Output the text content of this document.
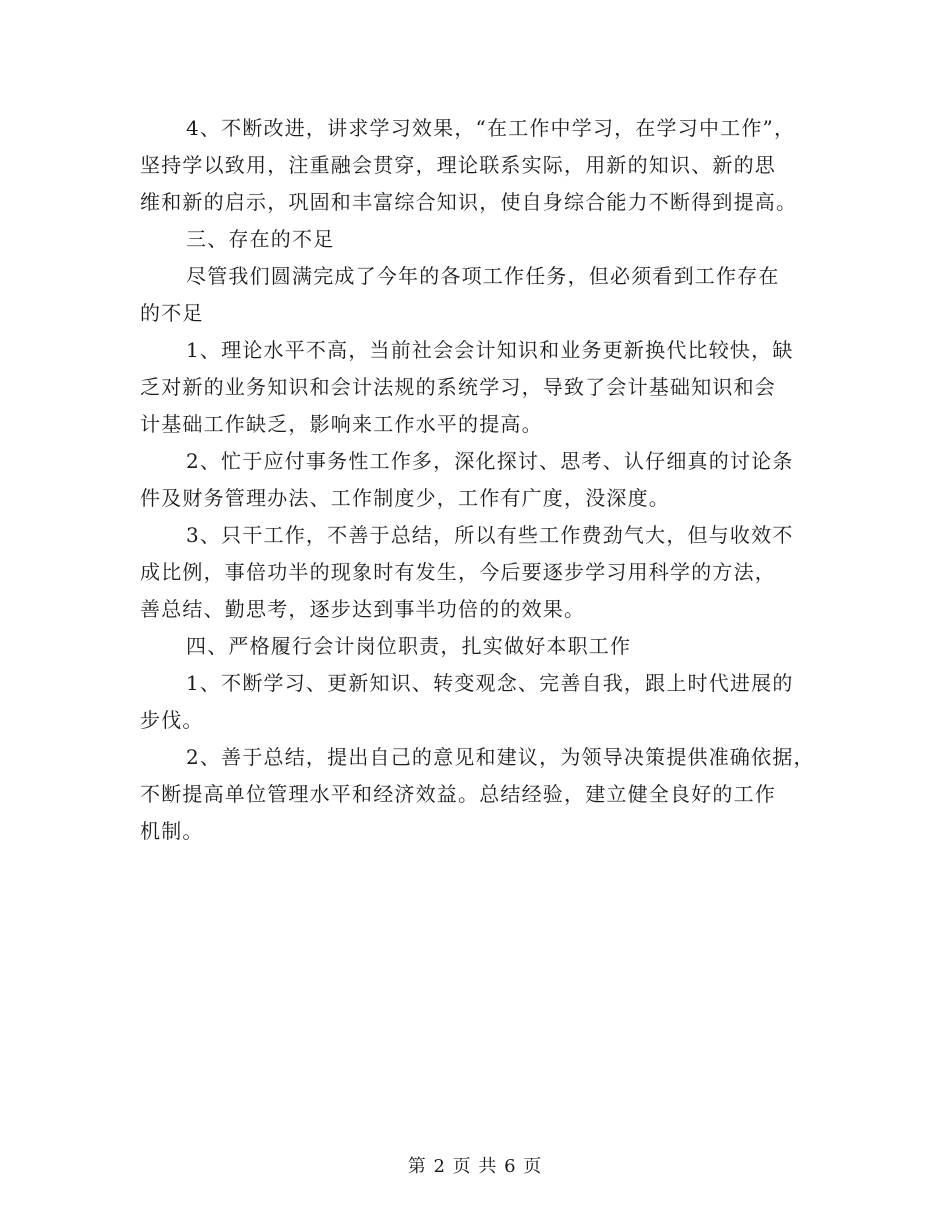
4、不断改进，讲求学习效果，“在工作中学习，在学习中工作”，
坚持学以致用，注重融会贯穿，理论联系实际，用新的知识、新的思
维和新的启示，巩固和丰富综合知识，使自身综合能力不断得到提高。

三、存在的不足

尽管我们圆满完成了今年的各项工作任务，但必须看到工作存在
的不足

1、理论水平不高，当前社会会计知识和业务更新换代比较快，缺
乏对新的业务知识和会计法规的系统学习，导致了会计基础知识和会
计基础工作缺乏，影响来工作水平的提高。

2、忙于应付事务性工作多，深化探讨、思考、认仔细真的讨论条
件及财务管理办法、工作制度少，工作有广度，没深度。

3、只干工作，不善于总结，所以有些工作费劲气大，但与收效不
成比例，事倍功半的现象时有发生，今后要逐步学习用科学的方法，
善总结、勤思考，逐步达到事半功倍的的效果。

四、严格履行会计岗位职责，扎实做好本职工作

1、不断学习、更新知识、转变观念、完善自我，跟上时代进展的
步伐。

2、善于总结，提出自己的意见和建议，为领导决策提供准确依据，
不断提高单位管理水平和经济效益。总结经验，建立健全良好的工作
机制。

第 2 页 共 6 页
